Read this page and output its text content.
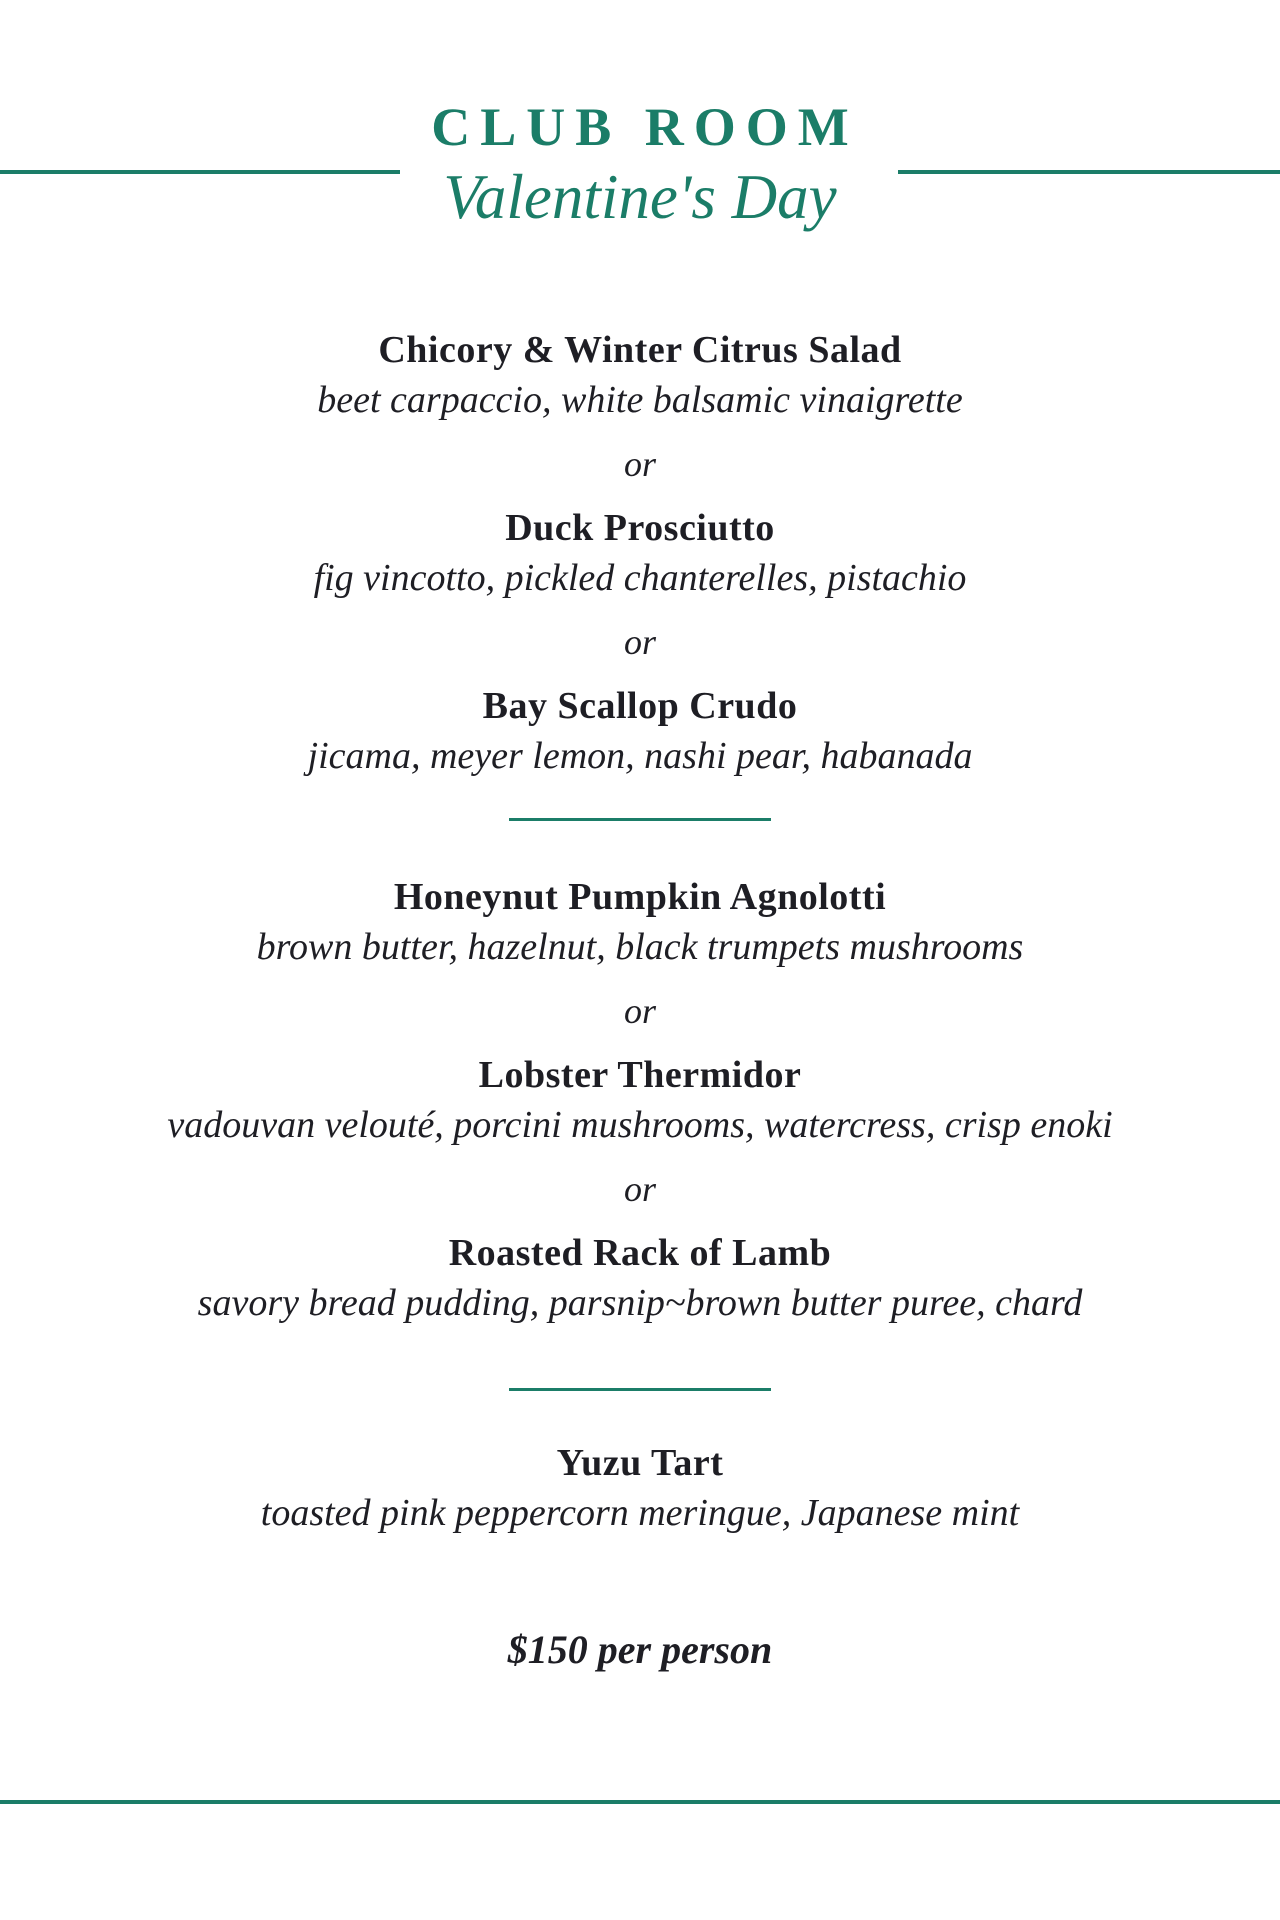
CLUB ROOM
Valentine's Day
Chicory & Winter Citrus Salad
beet carpaccio, white balsamic vinaigrette
or
Duck Prosciutto
fig vincotto, pickled chanterelles, pistachio
or
Bay Scallop Crudo
jicama, meyer lemon, nashi pear, habanada
Honeynut Pumpkin Agnolotti
brown butter, hazelnut, black trumpets mushrooms
or
Lobster Thermidor
vadouvan velouté, porcini mushrooms, watercress, crisp enoki
or
Roasted Rack of Lamb
savory bread pudding, parsnip~brown butter puree, chard
Yuzu Tart
toasted pink peppercorn meringue, Japanese mint
$150 per person
